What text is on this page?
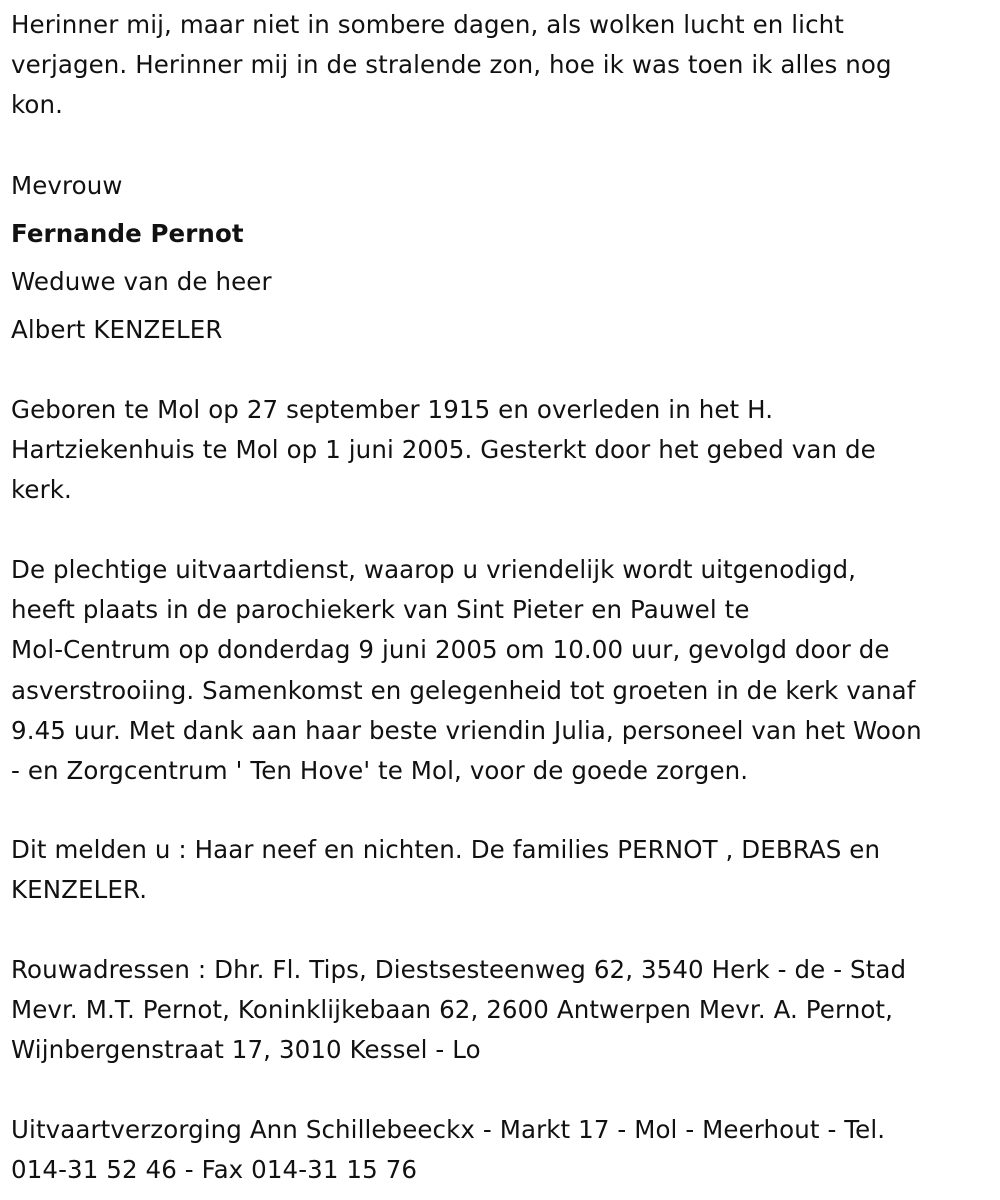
Herinner mij, maar niet in sombere dagen, als wolken lucht en licht
verjagen. Herinner mij in de stralende zon, hoe ik was toen ik alles nog
kon.

Mevrouw

Fernande Pernot

Weduwe van de heer

Albert KENZELER

Geboren te Mol op 27 september 1915 en overleden in het H.
Hartziekenhuis te Mol op 1 juni 2005. Gesterkt door het gebed van de
kerk.

De plechtige uitvaartdienst, waarop u vriendelijk wordt uitgenodigd,
heeft plaats in de parochiekerk van Sint Pieter en Pauwel te
Mol-Centrum op donderdag 9 juni 2005 om 10.00 uur, gevolgd door de
asverstrooiing. Samenkomst en gelegenheid tot groeten in de kerk vanaf
9.45 uur. Met dank aan haar beste vriendin Julia, personeel van het Woon
- en Zorgcentrum ' Ten Hove' te Mol, voor de goede zorgen.

Dit melden u : Haar neef en nichten. De families PERNOT , DEBRAS en
KENZELER.

Rouwadressen : Dhr. Fl. Tips, Diestsesteenweg 62, 3540 Herk - de - Stad
Mevr. M.T. Pernot, Koninklijkebaan 62, 2600 Antwerpen Mevr. A. Pernot,
Wijnbergenstraat 17, 3010 Kessel - Lo

Uitvaartverzorging Ann Schillebeeckx - Markt 17 - Mol - Meerhout - Tel.
014-31 52 46 - Fax 014-31 15 76
